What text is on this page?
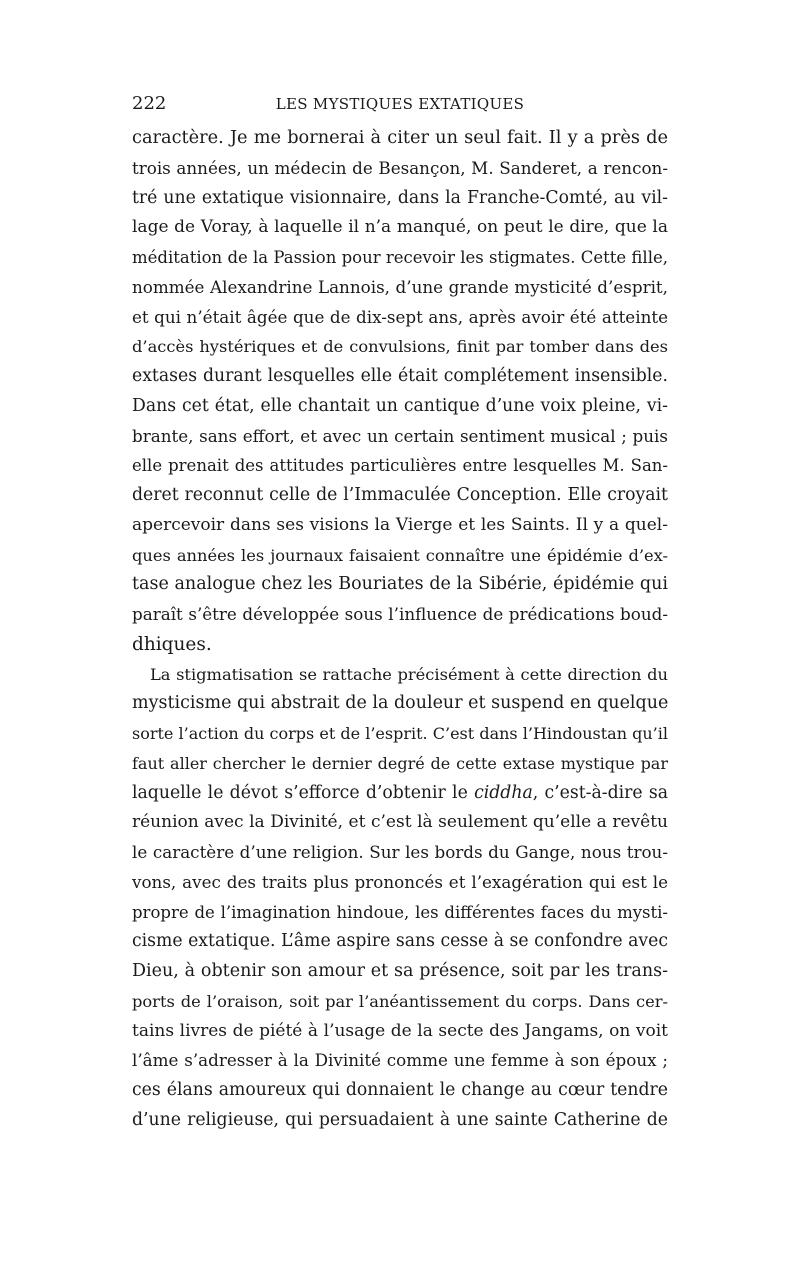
222	LES MYSTIQUES EXTATIQUES
caractère. Je me bornerai à citer un seul fait. Il y a près de
trois années, un médecin de Besançon, M. Sanderet, a rencon-
tré une extatique visionnaire, dans la Franche-Comté, au vil-
lage de Voray, à laquelle il n’a manqué, on peut le dire, que la
méditation de la Passion pour recevoir les stigmates. Cette fille,
nommée Alexandrine Lannois, d’une grande mysticité d’esprit,
et qui n’était âgée que de dix-sept ans, après avoir été atteinte
d’accès hystériques et de convulsions, finit par tomber dans des
extases durant lesquelles elle était complétement insensible.
Dans cet état, elle chantait un cantique d’une voix pleine, vi-
brante, sans effort, et avec un certain sentiment musical ; puis
elle prenait des attitudes particulières entre lesquelles M. San-
deret reconnut celle de l’Immaculée Conception. Elle croyait
apercevoir dans ses visions la Vierge et les Saints. Il y a quel-
ques années les journaux faisaient connaître une épidémie d’ex-
tase analogue chez les Bouriates de la Sibérie, épidémie qui
paraît s’être développée sous l’influence de prédications boud-
dhiques.
La stigmatisation se rattache précisément à cette direction du
mysticisme qui abstrait de la douleur et suspend en quelque
sorte l’action du corps et de l’esprit. C’est dans l’Hindoustan qu’il
faut aller chercher le dernier degré de cette extase mystique par
laquelle le dévot s’efforce d’obtenir le ciddha, c’est-à-dire sa
réunion avec la Divinité, et c’est là seulement qu’elle a revêtu
le caractère d’une religion. Sur les bords du Gange, nous trou-
vons, avec des traits plus prononcés et l’exagération qui est le
propre de l’imagination hindoue, les différentes faces du mysti-
cisme extatique. L’âme aspire sans cesse à se confondre avec
Dieu, à obtenir son amour et sa présence, soit par les trans-
ports de l’oraison, soit par l’anéantissement du corps. Dans cer-
tains livres de piété à l’usage de la secte des Jangams, on voit
l’âme s’adresser à la Divinité comme une femme à son époux ;
ces élans amoureux qui donnaient le change au cœur tendre
d’une religieuse, qui persuadaient à une sainte Catherine de
